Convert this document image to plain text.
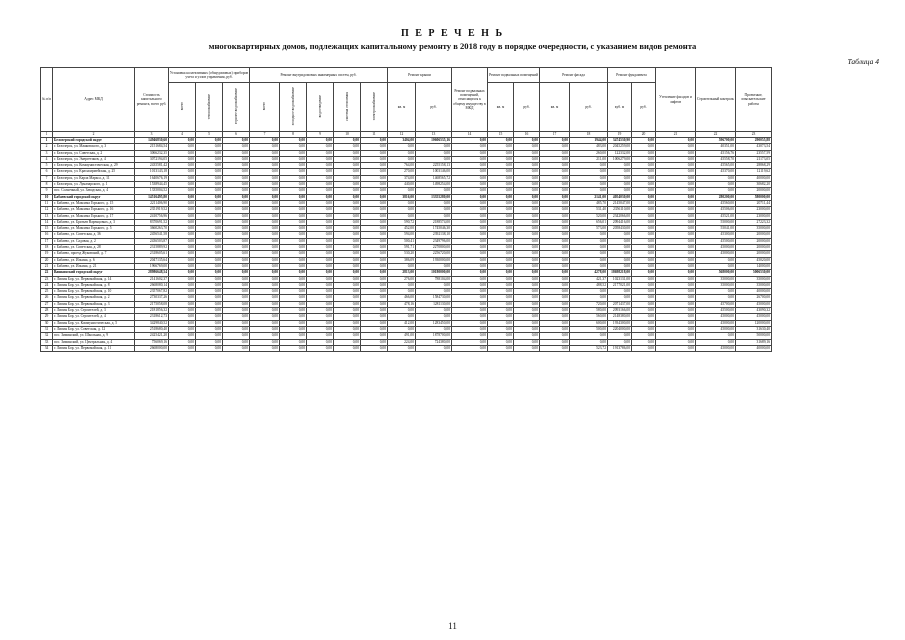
П Е Р Е Ч Е Н Ь
многоквартирных домов, подлежащих капитальному ремонту в 2018 году в порядке очередности, с указанием видов ремонта
Таблица 4
№ п/п	Адрес МКД	Стоимость капитального ремонта, всего руб.	Установка коллективных (общедомовых) приборов учета и узлов управления, руб.			Ремонт внутридомовых инженерных систем, руб.					Ремонт крыши		Ремонт подвальных помещений, относящихся к общему имуществу в МКД	Ремонт подвальных помещений		Ремонт фасада		Ремонт фундамента		Утепление фасадов и лифтов	Строительный контроль	Проектные, изыскательские работы
			всего	теплоснабжение	горячее водоснабжение	всего	холодное водоснабжение	водоотведение	система отопления	электроснабжение	кв. м	руб.		кв. м	руб.	кв. м	руб.	куб. м	руб.			
1	2	3	4	5	6	7	8	9	10	11	12	13	14	15	16	17	18	19	20	21	22	23
1	Белозерский городской округ	14946830,60	0,00	0,00	0,00	0,00	0,00	0,00	0,00	0,00	3404,00	10606535,16	0,00	0,00	0,00	0,00	1944,00	3474530,90	0,00	0,00	596700,00	290055,88
2	г. Белозерск, ул. Маяковского, д. 3	2151684,54	0,00	0,00	0,00	0,00	0,00	0,00	0,00	0,00	0,00	0,00	0,00	0,00	0,00	0,00	483,00	2045259,00	0,00	0,00	40351,00	43073,54
3	г. Белозерск, ул. Советская, д. 2	3066232,35	0,00	0,00	0,00	0,00	0,00	0,00	0,00	0,00	0,00	0,00	0,00	0,00	0,00	0,00	260,00	122332,00	0,00	0,00	45156,76	23557,59
4	г. Белозерск, ул. Энергетиков, д. 4	3072194,05	0,00	0,00	0,00	0,00	0,00	0,00	0,00	0,00	0,00	0,00	0,00	0,00	0,00	0,00	211,00	1006279,00	0,00	0,00	45558,70	21173,05
5	г. Белозерск, ул. Коммунистическая, д. 29	2435581,42	0,00	0,00	0,00	0,00	0,00	0,00	0,00	0,00	764,00	2255158,13	0,00	0,00	0,00	0,00	0,00	0,00	0,00	0,00	45565,00	28868,29
6	г. Белозерск, ул. Красноармейская, д. 25	1013143,18	0,00	0,00	0,00	0,00	0,00	0,00	0,00	0,00	270,00	1003146,00	0,00	0,00	0,00	0,00	0,00	0,00	0,00	0,00	45370,00	12119,62
7	г. Белозерск, ул. Карла Маркса, д. 11	1640676,19	0,00	0,00	0,00	0,00	0,00	0,00	0,00	0,00	374,00	1468565,72	0,00	0,00	0,00	0,00	0,00	0,00	0,00	0,00	0,00	40000,00
8	г. Белозерск, ул. Луначарского, д. 1	1538944,45	0,00	0,00	0,00	0,00	0,00	0,00	0,00	0,00	440,00	1498254,00	0,00	0,00	0,00	0,00	0,00	0,00	0,00	0,00	0,00	30682,20
9	пос. Солнечный, ул. Заводская, д. 4	1335004,52	0,00	0,00	0,00	0,00	0,00	0,00	0,00	0,00	0,00	0,00	0,00	0,00	0,00	0,00	0,00	0,00	0,00	0,00	0,00	20000,00
10	Бабаевский городской округ	14516495,80	0,00	0,00	0,00	0,00	0,00	0,00	0,00	0,00	3816,00	13355280,00	0,00	0,00	0,00	0,00	2141,00	4054030,00	0,00	0,00	280200,00	580000,00
11	г. Бабаево, ул. Максима Горького, д. 15	2211406,90	0,00	0,00	0,00	0,00	0,00	0,00	0,00	0,00	0,00	0,00	0,00	0,00	0,00	0,00	485,70	2145047,00	0,00	0,00	45560,00	20711,44
12	г. Бабаево, ул. Максима Горького, д. 16	2351919,52	0,00	0,00	0,00	0,00	0,00	0,00	0,00	0,00	0,00	0,00	0,00	0,00	0,00	0,00	531,40	2356110,00	0,00	0,00	45506,00	23000,00
13	г. Бабаево, ул. Максима Горького, д. 17	2410756,96	0,00	0,00	0,00	0,00	0,00	0,00	0,00	0,00	0,00	0,00	0,00	0,00	0,00	0,00	520,00	2342066,00	0,00	0,00	45521,00	23000,00
14	г. Бабаево, ул. Братьев Варенцовых, д. 3	8370691,52	0,00	0,00	0,00	0,00	0,00	0,00	0,00	0,00	590,72	2188574,00	0,00	0,00	0,00	0,00	656,01	2094416,00	0,00	0,00	55000,00	27223,32
15	г. Бабаево, ул. Максима Горького, д. 5	3660263,70	0,00	0,00	0,00	0,00	0,00	0,00	0,00	0,00	452,00	1745046,30	0,00	0,00	0,00	0,00	573,00	2058430,00	0,00	0,00	55041,00	35000,00
16	г. Бабаево, ул. Советская, д. 36	2456541,58	0,00	0,00	0,00	0,00	0,00	0,00	0,00	0,00	594,00	2392138,10	0,00	0,00	0,00	0,00	0,00	0,00	0,00	0,00	45300,00	20000,00
17	г. Бабаево, ул. Садовая, д. 2	2436503,87	0,00	0,00	0,00	0,00	0,00	0,00	0,00	0,00	500,41	2349796,00	0,00	0,00	0,00	0,00	0,00	0,00	0,00	0,00	45500,00	20000,00
18	г. Бабаево, ул. Советская, д. 28	2315889,92	0,00	0,00	0,00	0,00	0,00	0,00	0,00	0,00	591,71	2270800,00	0,00	0,00	0,00	0,00	0,00	0,00	0,00	0,00	45000,00	20000,00
19	г. Бабаево, проезд Жуковский, д. 7	2318605,61	0,00	0,00	0,00	0,00	0,00	0,00	0,00	0,00	530,20	2256720,00	0,00	0,00	0,00	0,00	0,00	0,00	0,00	0,00	45000,00	20000,00
20	г. Бабаево, ул. Ильина, д. 6	2047135,64	0,00	0,00	0,00	0,00	0,00	0,00	0,00	0,00	386,09	1930000,00	0,00	0,00	0,00	0,00	0,00	0,00	0,00	0,00	0,00	45020,00
21	г. Бабаево, ул. Ильина, д. 21	1966769,00	0,00	0,00	0,00	0,00	0,00	0,00	0,00	0,00	0,00	0,00	0,00	0,00	0,00	0,00	0,00	0,00	0,00	0,00	0,00	14000,00
22	Вашкинский городской округ	28986648,54	0,00	0,00	0,00	0,00	0,00	0,00	0,00	0,00	2813,00	10180000,00	0,00	0,00	0,00	0,00	4278,00	18698218,00	0,00	0,00	568000,00	5006530,00
23	г. Липин Бор, ул. Первомайская, д. 14	2141602,37	0,00	0,00	0,00	0,00	0,00	0,00	0,00	0,00	276,00	788104,00	0,00	0,00	0,00	0,00	421,37	1023131,00	0,00	0,00	35000,00	35000,00
24	г. Липин Бор, ул. Первомайская, д. 8	2668080,14	0,00	0,00	0,00	0,00	0,00	0,00	0,00	0,00	0,00	0,00	0,00	0,00	0,00	0,00	488,52	2177021,00	0,00	0,00	35000,00	35000,00
25	г. Липин Бор, ул. Первомайская, д. 10	2357067,82	0,00	0,00	0,00	0,00	0,00	0,00	0,00	0,00	0,00	0,00	0,00	0,00	0,00	0,00	0,00	0,00	0,00	0,00	0,00	40000,00
26	г. Липин Бор, ул. Первомайская, д. 2	2730337,26	0,00	0,00	0,00	0,00	0,00	0,00	0,00	0,00	466,00	1584730,00	0,00	0,00	0,00	0,00	0,00	0,00	0,00	0,00	0,00	26700,00
27	г. Липин Бор, ул. Первомайская, д. 3	2175058,08	0,00	0,00	0,00	0,00	0,00	0,00	0,00	0,00	478,16	1281130,00	0,00	0,00	0,00	0,00	720,00	2071437,00	0,00	0,00	45700,00	45000,00
28	г. Липин Бор, ул. Строителей, д. 3	2181856,32	0,00	0,00	0,00	0,00	0,00	0,00	0,00	0,00	0,00	0,00	0,00	0,00	0,00	0,00	580,00	2093166,00	0,00	0,00	45500,00	43090,32
29	г. Липин Бор, ул. Строителей, д. 4	2318612,73	0,00	0,00	0,00	0,00	0,00	0,00	0,00	0,00	0,00	0,00	0,00	0,00	0,00	0,00	560,00	2148380,00	0,00	0,00	45000,00	45000,00
30	г. Липин Бор, ул. Коммунистическая, д. 5	3429840,52	0,00	0,00	0,00	0,00	0,00	0,00	0,00	0,00	412,00	1283450,00	0,00	0,00	0,00	0,00	600,00	1934300,00	0,00	0,00	45000,00	120000,00
31	г. Липин Бор, ул. Советская, д. 12	2518680,40	0,00	0,00	0,00	0,00	0,00	0,00	0,00	0,00	0,00	0,00	0,00	0,00	0,00	0,00	500,00	2204000,00	0,00	0,00	45000,00	31630,40
32	пос. Зиминский, ул. Школьная, д. 9	2425421,20	0,00	0,00	0,00	0,00	0,00	0,00	0,00	0,00	491,00	1878700,00	0,00	0,00	0,00	0,00	0,00	0,00	0,00	0,00	0,00	50000,00
33	пос. Зиминский, ул. Центральная, д. 4	756069,16	0,00	0,00	0,00	0,00	0,00	0,00	0,00	0,00	224,00	724380,00	0,00	0,00	0,00	0,00	0,00	0,00	0,00	0,00	0,00	31689,16
34	г. Липин Бор, ул. Первомайская, д. 11	2668000,00	0,00	0,00	0,00	0,00	0,00	0,00	0,00	0,00	0,00	0,00	0,00	0,00	0,00	0,00	523,72	1913786,00	0,00	0,00	45000,00	40000,00
11
